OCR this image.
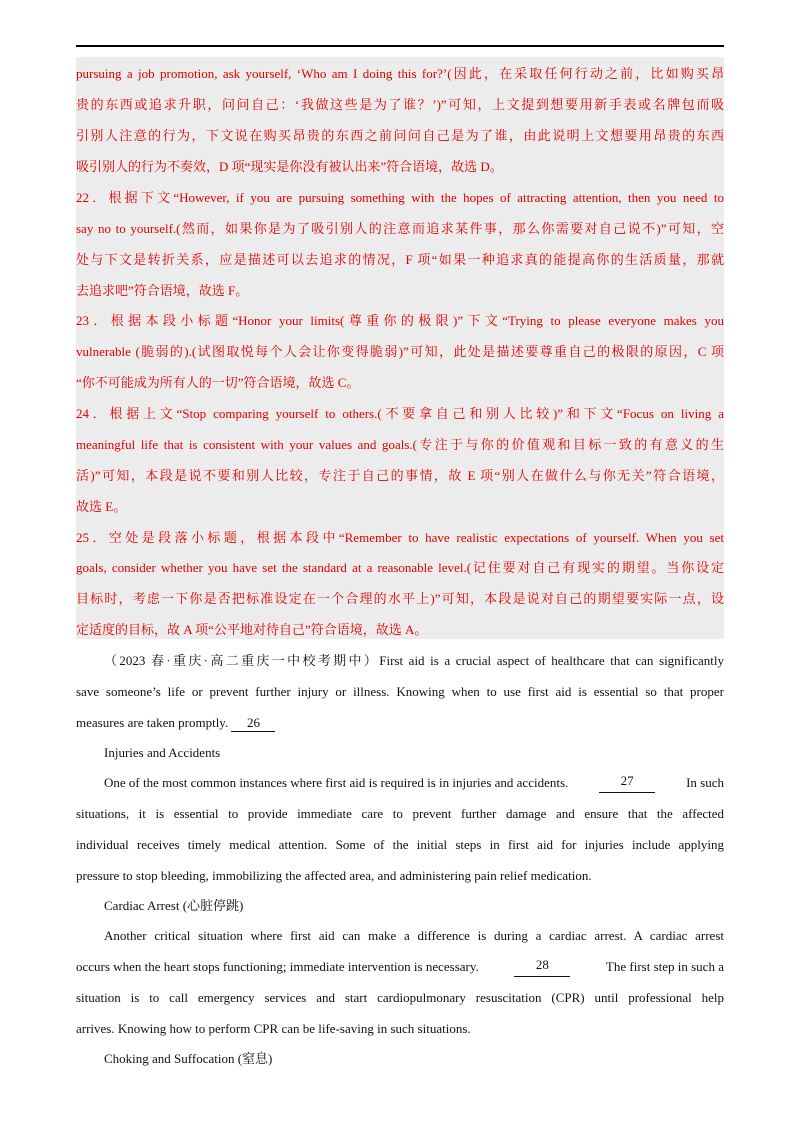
pursuing a job promotion, ask yourself, ‘Who am I doing this for?’(因此，在采取任何行动之前，比如购买昂
贵的东西或追求升职，问问自己：‘我做这些是为了谁？’)”可知，上文提到想要用新手表或名牌包而吸
引别人注意的行为，下文说在购买昂贵的东西之前问问自己是为了谁，由此说明上文想要用昂贵的东西
吸引别人的行为不奏效，D 项“现实是你没有被认出来”符合语境，故选 D。
22．根据下文“However, if you are pursuing something with the hopes of attracting attention, then you need to
say no to yourself.(然而，如果你是为了吸引别人的注意而追求某件事，那么你需要对自己说不)”可知，空
处与下文是转折关系，应是描述可以去追求的情况，F 项“如果一种追求真的能提高你的生活质量，那就
去追求吧”符合语境，故选 F。
23．根据本段小标题“Honor your limits(尊重你的极限)”下文“Trying to please everyone makes you
vulnerable (脆弱的).(试图取悦每个人会让你变得脆弱)”可知，此处是描述要尊重自己的极限的原因，C 项
“你不可能成为所有人的一切”符合语境，故选 C。
24．根据上文“Stop comparing yourself to others.(不要拿自己和别人比较)”和下文“Focus on living a
meaningful life that is consistent with your values and goals.(专注于与你的价值观和目标一致的有意义的生
活)”可知，本段是说不要和别人比较，专注于自己的事情，故 E 项“别人在做什么与你无关”符合语境，
故选 E。
25．空处是段落小标题，根据本段中“Remember to have realistic expectations of yourself. When you set
goals, consider whether you have set the standard at a reasonable level.(记住要对自己有现实的期望。当你设定
目标时，考虑一下你是否把标准设定在一个合理的水平上)”可知，本段是说对自己的期望要实际一点，设
定适度的目标，故 A 项“公平地对待自己”符合语境，故选 A。
（2023 春·重庆·高二重庆一中校考期中）First aid is a crucial aspect of healthcare that can significantly
save someone’s life or prevent further injury or illness. Knowing when to use first aid is essential so that proper
measures are taken promptly. 26
Injuries and Accidents
One of the most common instances where first aid is required is in injuries and accidents.	27	In such
situations, it is essential to provide immediate care to prevent further damage and ensure that the affected
individual receives timely medical attention. Some of the initial steps in first aid for injuries include applying
pressure to stop bleeding, immobilizing the affected area, and administering pain relief medication.
Cardiac Arrest (心脏停跳)
Another critical situation where first aid can make a difference is during a cardiac arrest. A cardiac arrest
occurs when the heart stops functioning; immediate intervention is necessary.	28	The first step in such a
situation is to call emergency services and start cardiopulmonary resuscitation (CPR) until professional help
arrives. Knowing how to perform CPR can be life-saving in such situations.
Choking and Suffocation (窒息)
